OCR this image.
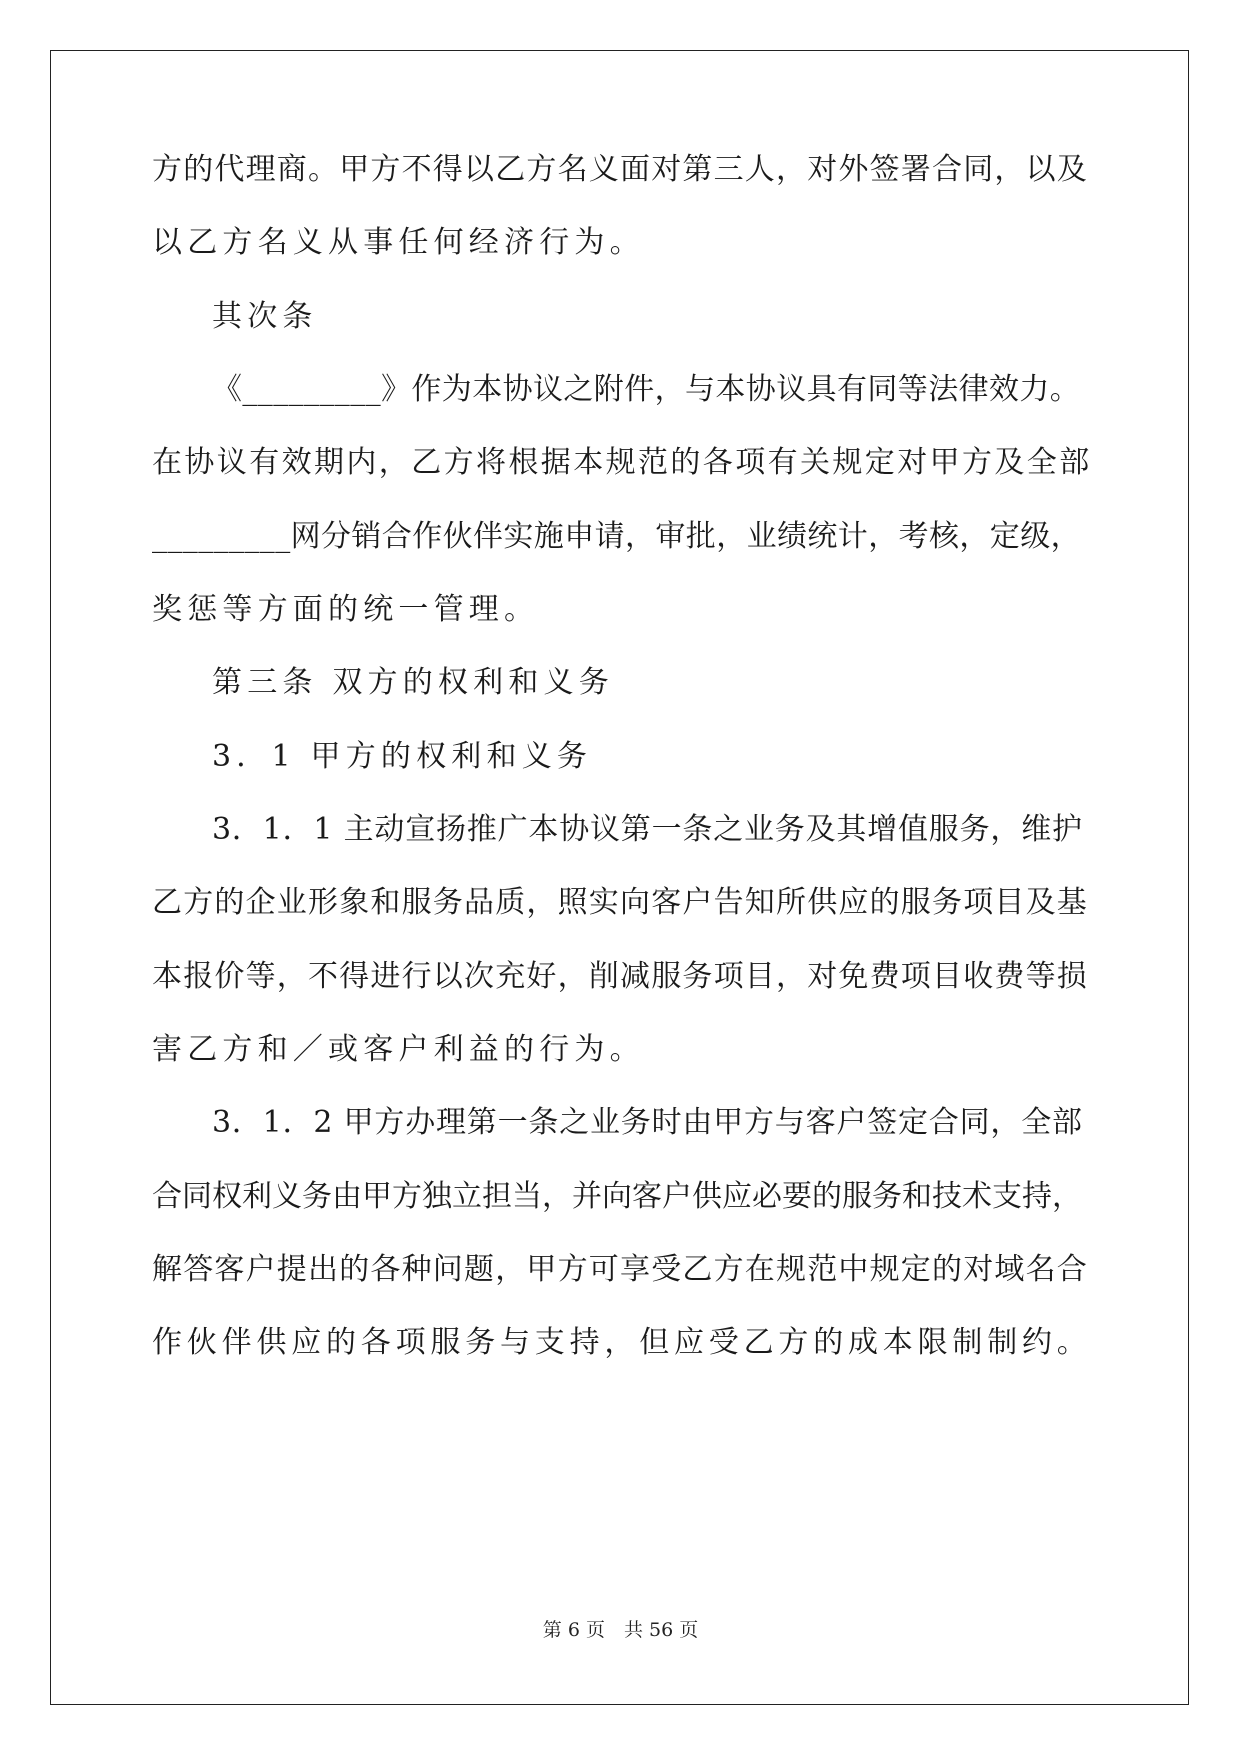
方的代理商。甲方不得以乙方名义面对第三人，对外签署合同，以及
以乙方名义从事任何经济行为。
其次条
《_________》作为本协议之附件，与本协议具有同等法律效力。
在协议有效期内，乙方将根据本规范的各项有关规定对甲方及全部
_________网分销合作伙伴实施申请，审批，业绩统计，考核，定级，
奖惩等方面的统一管理。
第三条 双方的权利和义务
3．1 甲方的权利和义务
3．1．1 主动宣扬推广本协议第一条之业务及其增值服务，维护
乙方的企业形象和服务品质，照实向客户告知所供应的服务项目及基
本报价等，不得进行以次充好，削减服务项目，对免费项目收费等损
害乙方和／或客户利益的行为。
3．1．2 甲方办理第一条之业务时由甲方与客户签定合同，全部
合同权利义务由甲方独立担当，并向客户供应必要的服务和技术支持，
解答客户提出的各种问题，甲方可享受乙方在规范中规定的对域名合
作伙伴供应的各项服务与支持，但应受乙方的成本限制制约。
第 6 页　共 56 页
